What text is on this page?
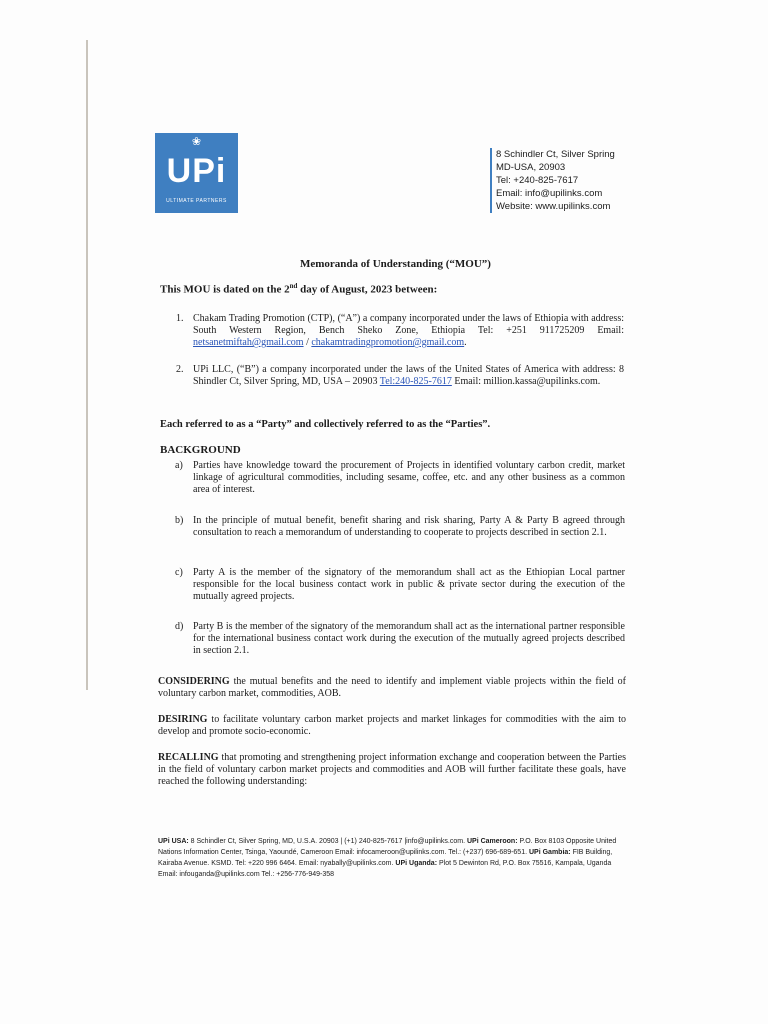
❀
UPi
ULTIMATE PARTNERS
8 Schindler Ct, Silver Spring
MD-USA, 20903
Tel: +240-825-7617
Email: info@upilinks.com
Website: www.upilinks.com
Memoranda of Understanding (“MOU”)
This MOU is dated on the 2nd day of August, 2023 between:
1. Chakam Trading Promotion (CTP), (“A”) a company incorporated under the laws of Ethiopia with address: South Western Region, Bench Sheko Zone, Ethiopia Tel: +251 911725209 Email: netsanetmiftah@gmail.com / chakamtradingpromotion@gmail.com.
2. UPi LLC, (“B”) a company incorporated under the laws of the United States of America with address: 8 Shindler Ct, Silver Spring, MD, USA – 20903 Tel:240-825-7617 Email: million.kassa@upilinks.com.
Each referred to as a “Party” and collectively referred to as the “Parties”.
BACKGROUND
a) Parties have knowledge toward the procurement of Projects in identified voluntary carbon credit, market linkage of agricultural commodities, including sesame, coffee, etc. and any other business as a common area of interest.
b) In the principle of mutual benefit, benefit sharing and risk sharing, Party A & Party B agreed through consultation to reach a memorandum of understanding to cooperate to projects described in section 2.1.
c) Party A is the member of the signatory of the memorandum shall act as the Ethiopian Local partner responsible for the local business contact work in public & private sector during the execution of the mutually agreed projects.
d) Party B is the member of the signatory of the memorandum shall act as the international partner responsible for the international business contact work during the execution of the mutually agreed projects described in section 2.1.
CONSIDERING the mutual benefits and the need to identify and implement viable projects within the field of voluntary carbon market, commodities, AOB.
DESIRING to facilitate voluntary carbon market projects and market linkages for commodities with the aim to develop and promote socio-economic.
RECALLING that promoting and strengthening project information exchange and cooperation between the Parties in the field of voluntary carbon market projects and commodities and AOB will further facilitate these goals, have reached the following understanding:
UPi USA: 8 Schindler Ct, Silver Spring, MD, U.S.A. 20903 | (+1) 240-825-7617 |info@upilinks.com. UPi Cameroon: P.O. Box 8103 Opposite United Nations Information Center, Tsinga, Yaoundé, Cameroon Email: infocameroon@upilinks.com. Tel.: (+237) 696-689-651. UPi Gambia: FIB Building, Kairaba Avenue. KSMD. Tel: +220 996 6464. Email: nyabally@upilinks.com. UPi Uganda: Plot 5 Dewinton Rd, P.O. Box 75516, Kampala, Uganda Email: infouganda@upilinks.com Tel.: +256-776-949-358
